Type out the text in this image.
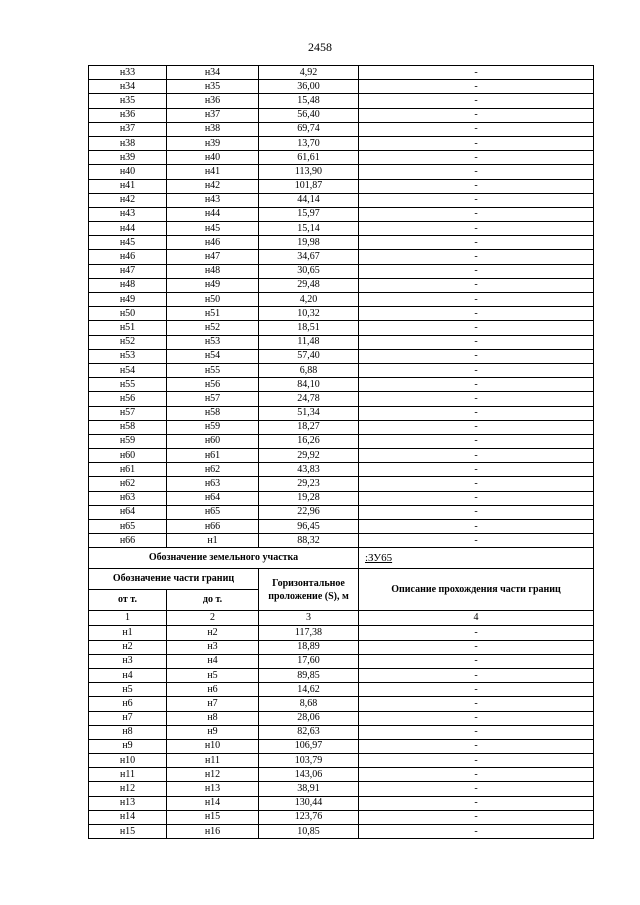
2458
н33	н34	4,92	-
н34	н35	36,00	-
н35	н36	15,48	-
н36	н37	56,40	-
н37	н38	69,74	-
н38	н39	13,70	-
н39	н40	61,61	-
н40	н41	113,90	-
н41	н42	101,87	-
н42	н43	44,14	-
н43	н44	15,97	-
н44	н45	15,14	-
н45	н46	19,98	-
н46	н47	34,67	-
н47	н48	30,65	-
н48	н49	29,48	-
н49	н50	4,20	-
н50	н51	10,32	-
н51	н52	18,51	-
н52	н53	11,48	-
н53	н54	57,40	-
н54	н55	6,88	-
н55	н56	84,10	-
н56	н57	24,78	-
н57	н58	51,34	-
н58	н59	18,27	-
н59	н60	16,26	-
н60	н61	29,92	-
н61	н62	43,83	-
н62	н63	29,23	-
н63	н64	19,28	-
н64	н65	22,96	-
н65	н66	96,45	-
н66	н1	88,32	-
Обозначение земельного участка			:ЗУ65
Обозначение части границ		Горизонтальное проложение (S), м	Описание прохождения части границ
от т.	до т.		
1	2	3	4
н1	н2	117,38	-
н2	н3	18,89	-
н3	н4	17,60	-
н4	н5	89,85	-
н5	н6	14,62	-
н6	н7	8,68	-
н7	н8	28,06	-
н8	н9	82,63	-
н9	н10	106,97	-
н10	н11	103,79	-
н11	н12	143,06	-
н12	н13	38,91	-
н13	н14	130,44	-
н14	н15	123,76	-
н15	н16	10,85	-
